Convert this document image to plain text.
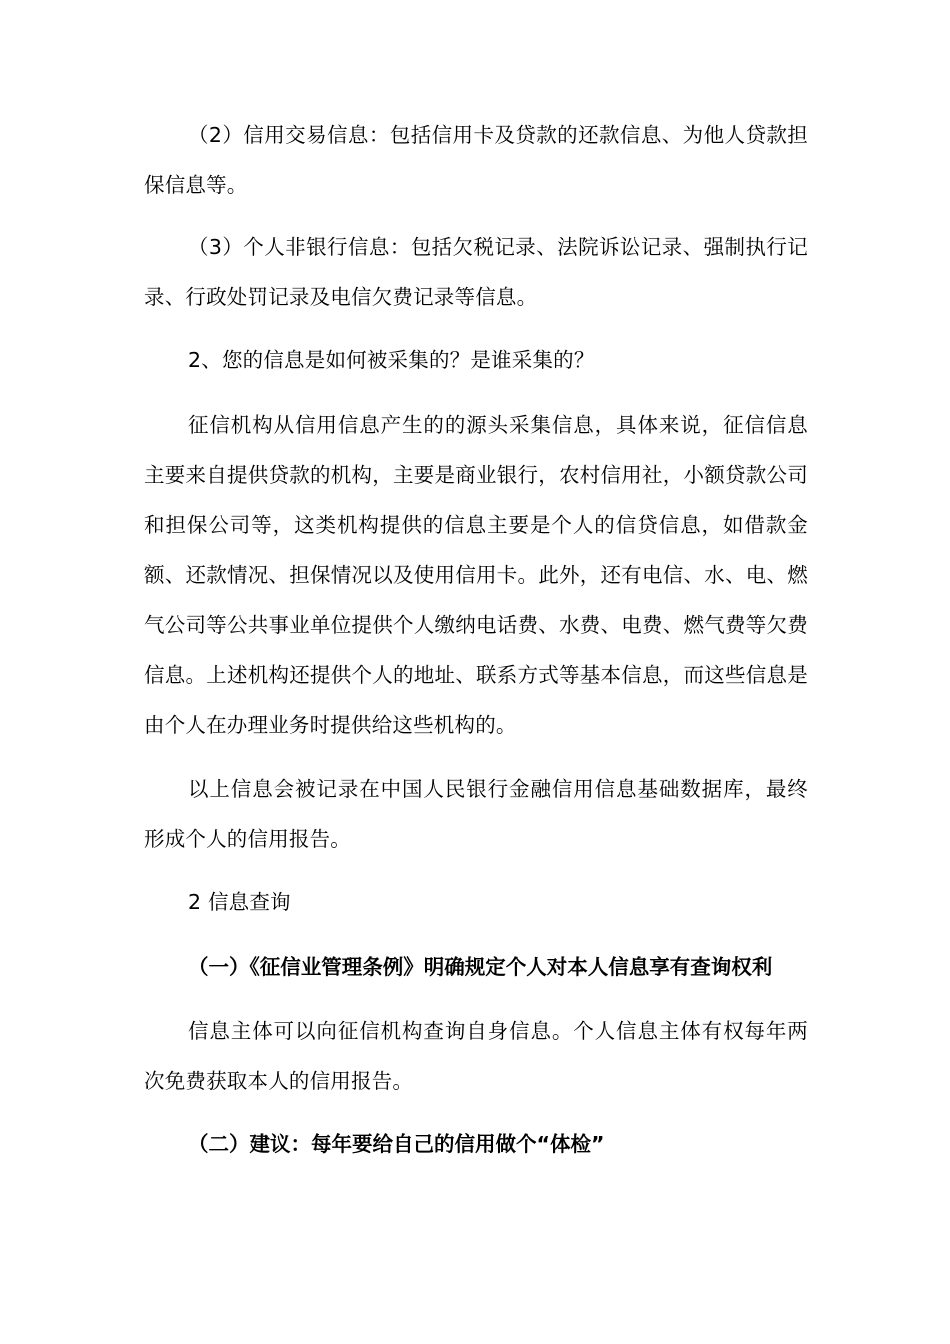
（2）信用交易信息：包括信用卡及贷款的还款信息、为他人贷款担保信息等。

（3）个人非银行信息：包括欠税记录、法院诉讼记录、强制执行记录、行政处罚记录及电信欠费记录等信息。

2、您的信息是如何被采集的？是谁采集的？

征信机构从信用信息产生的的源头采集信息，具体来说，征信信息主要来自提供贷款的机构，主要是商业银行，农村信用社，小额贷款公司和担保公司等，这类机构提供的信息主要是个人的信贷信息，如借款金额、还款情况、担保情况以及使用信用卡。此外，还有电信、水、电、燃气公司等公共事业单位提供个人缴纳电话费、水费、电费、燃气费等欠费信息。上述机构还提供个人的地址、联系方式等基本信息，而这些信息是由个人在办理业务时提供给这些机构的。

以上信息会被记录在中国人民银行金融信用信息基础数据库，最终形成个人的信用报告。

2 信息查询

（一）《征信业管理条例》明确规定个人对本人信息享有查询权利

信息主体可以向征信机构查询自身信息。个人信息主体有权每年两次免费获取本人的信用报告。

（二）建议：每年要给自己的信用做个“体检”
